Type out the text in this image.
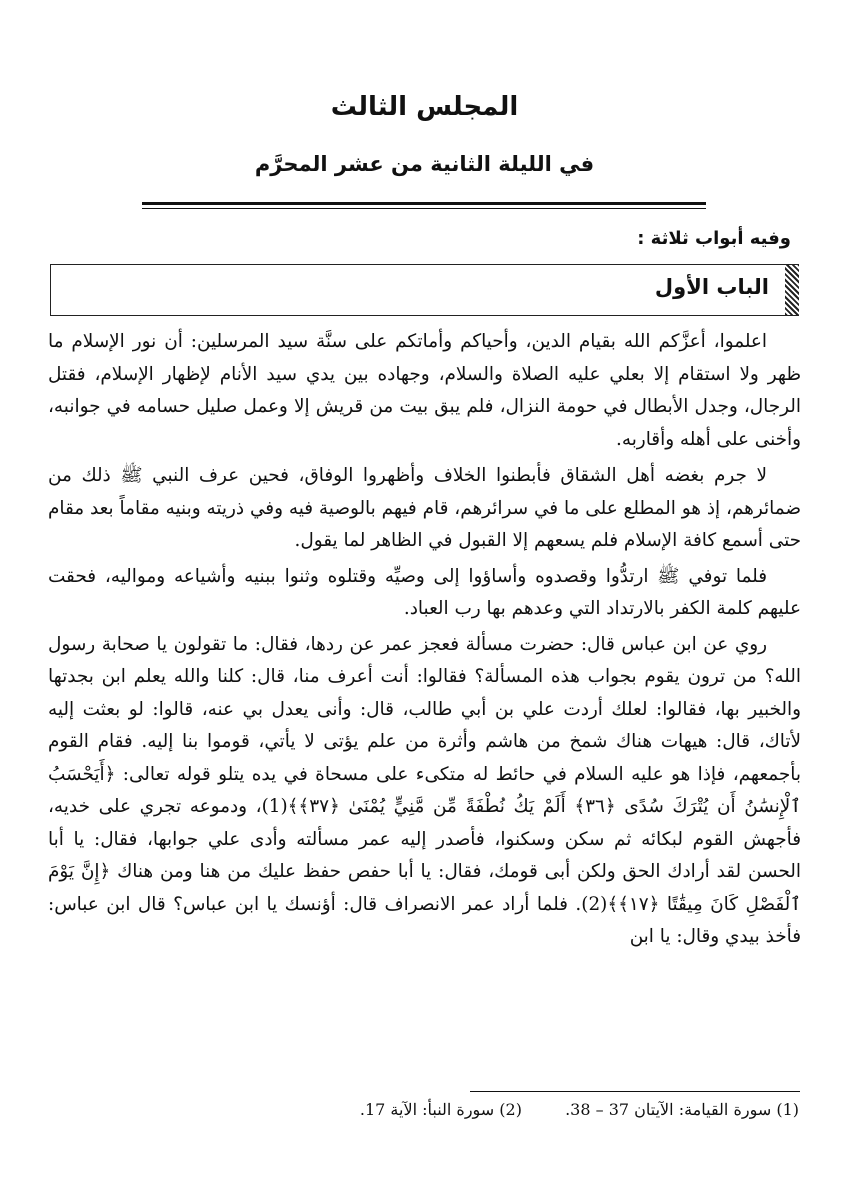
المجلس الثالث
في الليلة الثانية من عشر المحرَّم
وفيه أبواب ثلاثة :
الباب الأول

اعلموا، أعزَّكم الله بقيام الدين، وأحياكم وأماتكم على سنَّة سيد المرسلين: أن نور الإسلام ما ظهر ولا استقام إلا بعلي عليه الصلاة والسلام، وجهاده بين يدي سيد الأنام لإظهار الإسلام، فقتل الرجال، وجدل الأبطال في حومة النزال، فلم يبق بيت من قريش إلا وعمل صليل حسامه في جوانبه، وأخنى على أهله وأقاربه.

لا جرم بغضه أهل الشقاق فأبطنوا الخلاف وأظهروا الوفاق، فحين عرف النبي ﷺ ذلك من ضمائرهم، إذ هو المطلع على ما في سرائرهم، قام فيهم بالوصية فيه وفي ذريته وبنيه مقاماً بعد مقام حتى أسمع كافة الإسلام فلم يسعهم إلا القبول في الظاهر لما يقول.

فلما توفي ﷺ ارتدُّوا وقصدوه وأساؤوا إلى وصيِّه وقتلوه وثنوا ببنيه وأشياعه ومواليه، فحقت عليهم كلمة الكفر بالارتداد التي وعدهم بها رب العباد.

روي عن ابن عباس قال: حضرت مسألة فعجز عمر عن ردها، فقال: ما تقولون يا صحابة رسول الله؟ من ترون يقوم بجواب هذه المسألة؟ فقالوا: أنت أعرف منا، قال: كلنا والله يعلم ابن بجدتها والخبير بها، فقالوا: لعلك أردت علي بن أبي طالب، قال: وأنى يعدل بي عنه، قالوا: لو بعثت إليه لأتاك، قال: هيهات هناك شمخ من هاشم وأثرة من علم يؤتى لا يأتي، قوموا بنا إليه. فقام القوم بأجمعهم، فإذا هو عليه السلام في حائط له متكىء على مسحاة في يده يتلو قوله تعالى: ﴿أَيَحْسَبُ ٱلْإِنسَٰنُ أَن يُتْرَكَ سُدًى ﴿٣٦﴾ أَلَمْ يَكُ نُطْفَةً مِّن مَّنِيٍّ يُمْنَىٰ ﴿٣٧﴾﴾(1)، ودموعه تجري على خديه، فأجهش القوم لبكائه ثم سكن وسكنوا، فأصدر إليه عمر مسألته وأدى علي جوابها، فقال: يا أبا الحسن لقد أرادك الحق ولكن أبى قومك، فقال: يا أبا حفص حفظ عليك من هنا ومن هناك ﴿إِنَّ يَوْمَ ٱلْفَصْلِ كَانَ مِيقَٰتًا ﴿١٧﴾﴾(2). فلما أراد عمر الانصراف قال: أؤنسك يا ابن عباس؟ قال ابن عباس: فأخذ بيدي وقال: يا ابن

(1) سورة القيامة: الآيتان 37 – 38. (2) سورة النبأ: الآية 17.
